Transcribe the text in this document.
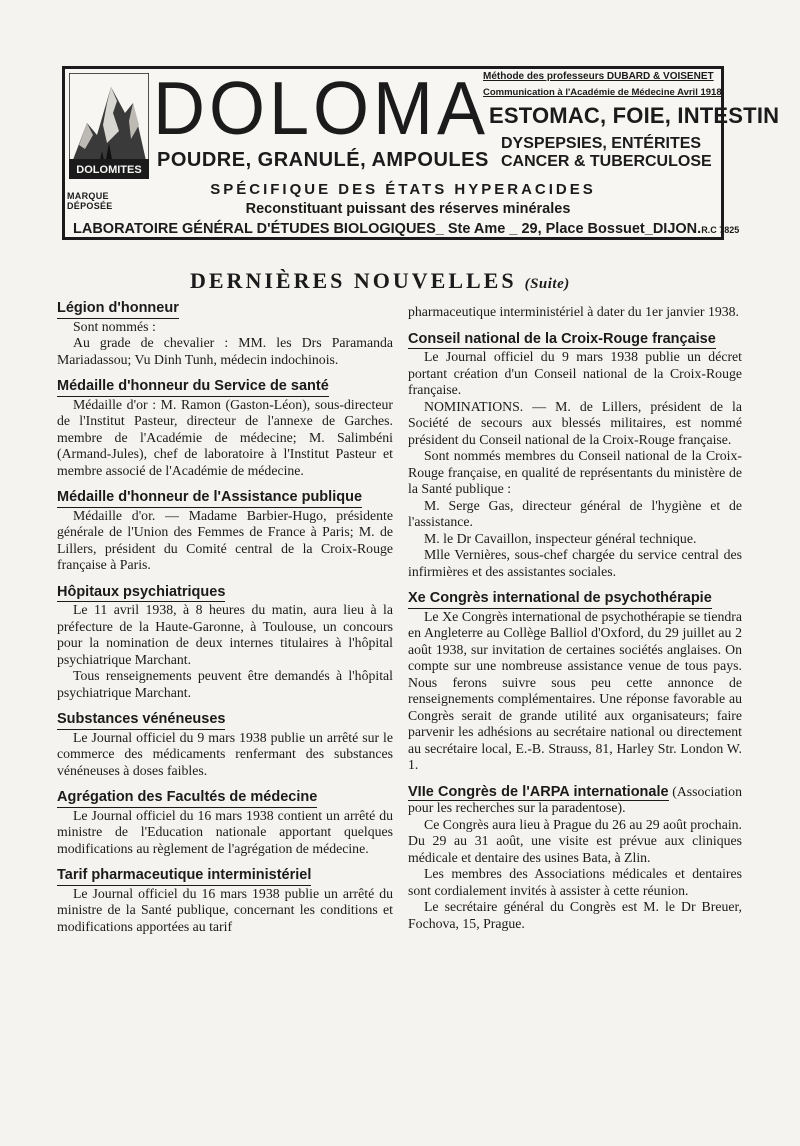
DOLOMITES
MARQUE DÉPOSÉE
DOLOMA
POUDRE, GRANULÉ, AMPOULES
Méthode des professeurs DUBARD & VOISENET
Communication à l'Académie de Médecine Avril 1918
ESTOMAC, FOIE, INTESTIN
DYSPEPSIES, ENTÉRITES
CANCER & TUBERCULOSE
SPÉCIFIQUE DES ÉTATS HYPERACIDES
Reconstituant puissant des réserves minérales
LABORATOIRE GÉNÉRAL D'ÉTUDES BIOLOGIQUES_ Ste Ame _ 29, Place Bossuet_DIJON.R.C 7825
DERNIÈRES NOUVELLES (Suite)
Légion d'honneur

Sont nommés :

Au grade de chevalier : MM. les Drs Paramanda Mariadassou; Vu Dinh Tunh, médecin indochinois.

Médaille d'honneur du Service de santé

Médaille d'or : M. Ramon (Gaston-Léon), sous-directeur de l'Institut Pasteur, directeur de l'annexe de Garches. membre de l'Académie de médecine; M. Salimbéni (Armand-Jules), chef de laboratoire à l'Institut Pasteur et membre associé de l'Académie de médecine.

Médaille d'honneur de l'Assistance publique

Médaille d'or. — Madame Barbier-Hugo, présidente générale de l'Union des Femmes de France à Paris; M. de Lillers, président du Comité central de la Croix-Rouge française à Paris.

Hôpitaux psychiatriques

Le 11 avril 1938, à 8 heures du matin, aura lieu à la préfecture de la Haute-Garonne, à Toulouse, un concours pour la nomination de deux internes titulaires à l'hôpital psychiatrique Marchant.

Tous renseignements peuvent être demandés à l'hôpital psychiatrique Marchant.

Substances vénéneuses

Le Journal officiel du 9 mars 1938 publie un arrêté sur le commerce des médicaments renfermant des substances vénéneuses à doses faibles.

Agrégation des Facultés de médecine

Le Journal officiel du 16 mars 1938 contient un arrêté du ministre de l'Education nationale apportant quelques modifications au règlement de l'agrégation de médecine.

Tarif pharmaceutique interministériel

Le Journal officiel du 16 mars 1938 publie un arrêté du ministre de la Santé publique, concernant les conditions et modifications apportées au tarif

pharmaceutique interministériel à dater du 1er janvier 1938.

Conseil national de la Croix-Rouge française

Le Journal officiel du 9 mars 1938 publie un décret portant création d'un Conseil national de la Croix-Rouge française.

NOMINATIONS. — M. de Lillers, président de la Société de secours aux blessés militaires, est nommé président du Conseil national de la Croix-Rouge française.

Sont nommés membres du Conseil national de la Croix-Rouge française, en qualité de représentants du ministère de la Santé publique :

M. Serge Gas, directeur général de l'hygiène et de l'assistance.

M. le Dr Cavaillon, inspecteur général technique.

Mlle Vernières, sous-chef chargée du service central des infirmières et des assistantes sociales.

Xe Congrès international de psychothérapie

Le Xe Congrès international de psychothérapie se tiendra en Angleterre au Collège Balliol d'Oxford, du 29 juillet au 2 août 1938, sur invitation de certaines sociétés anglaises. On compte sur une nombreuse assistance venue de tous pays. Nous ferons suivre sous peu cette annonce de renseignements complémentaires. Une réponse favorable au Congrès serait de grande utilité aux organisateurs; faire parvenir les adhésions au secrétaire national ou directement au secrétaire local, E.-B. Strauss, 81, Harley Str. London W. 1.

VIIe Congrès de l'ARPA internationale (Association pour les recherches sur la paradentose).

Ce Congrès aura lieu à Prague du 26 au 29 août prochain. Du 29 au 31 août, une visite est prévue aux cliniques médicale et dentaire des usines Bata, à Zlin.

Les membres des Associations médicales et dentaires sont cordialement invités à assister à cette réunion.

Le secrétaire général du Congrès est M. le Dr Breuer, Fochova, 15, Prague.
